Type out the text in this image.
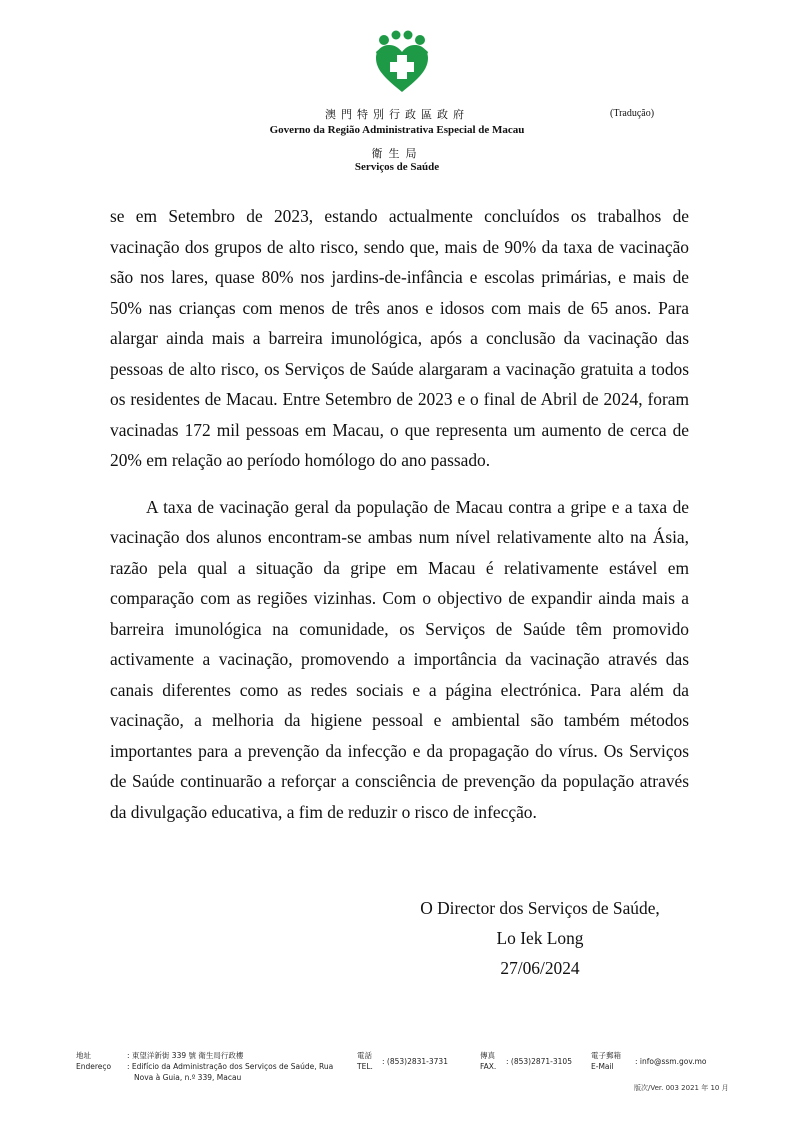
澳門特別行政區政府	(Tradução)
Governo da Região Administrativa Especial de Macau
衛生局
Serviços de Saúde

se em Setembro de 2023, estando actualmente concluídos os trabalhos de vacinação dos grupos de alto risco, sendo que, mais de 90% da taxa de vacinação são nos lares, quase 80% nos jardins-de-infância e escolas primárias, e mais de 50% nas crianças com menos de três anos e idosos com mais de 65 anos. Para alargar ainda mais a barreira imunológica, após a conclusão da vacinação das pessoas de alto risco, os Serviços de Saúde alargaram a vacinação gratuita a todos os residentes de Macau. Entre Setembro de 2023 e o final de Abril de 2024, foram vacinadas 172 mil pessoas em Macau, o que representa um aumento de cerca de 20% em relação ao período homólogo do ano passado.

A taxa de vacinação geral da população de Macau contra a gripe e a taxa de vacinação dos alunos encontram-se ambas num nível relativamente alto na Ásia, razão pela qual a situação da gripe em Macau é relativamente estável em comparação com as regiões vizinhas. Com o objectivo de expandir ainda mais a barreira imunológica na comunidade, os Serviços de Saúde têm promovido activamente a vacinação, promovendo a importância da vacinação através das canais diferentes como as redes sociais e a página electrónica. Para além da vacinação, a melhoria da higiene pessoal e ambiental são também métodos importantes para a prevenção da infecção e da propagação do vírus. Os Serviços de Saúde continuarão a reforçar a consciência de prevenção da população através da divulgação educativa, a fim de reduzir o risco de infecção.

O Director dos Serviços de Saúde,
Lo Iek Long
27/06/2024
地址
Endereço
: 東望洋新街 339 號 衛生局行政樓
: Edifício da Administração dos Serviços de Saúde, Rua Nova à Guia, n.º 339, Macau
電話
TEL.
: (853)2831-3731
傳真
FAX.
: (853)2871-3105
電子郵箱
E-Mail
: info@ssm.gov.mo
版次/Ver. 003 2021 年 10 月
